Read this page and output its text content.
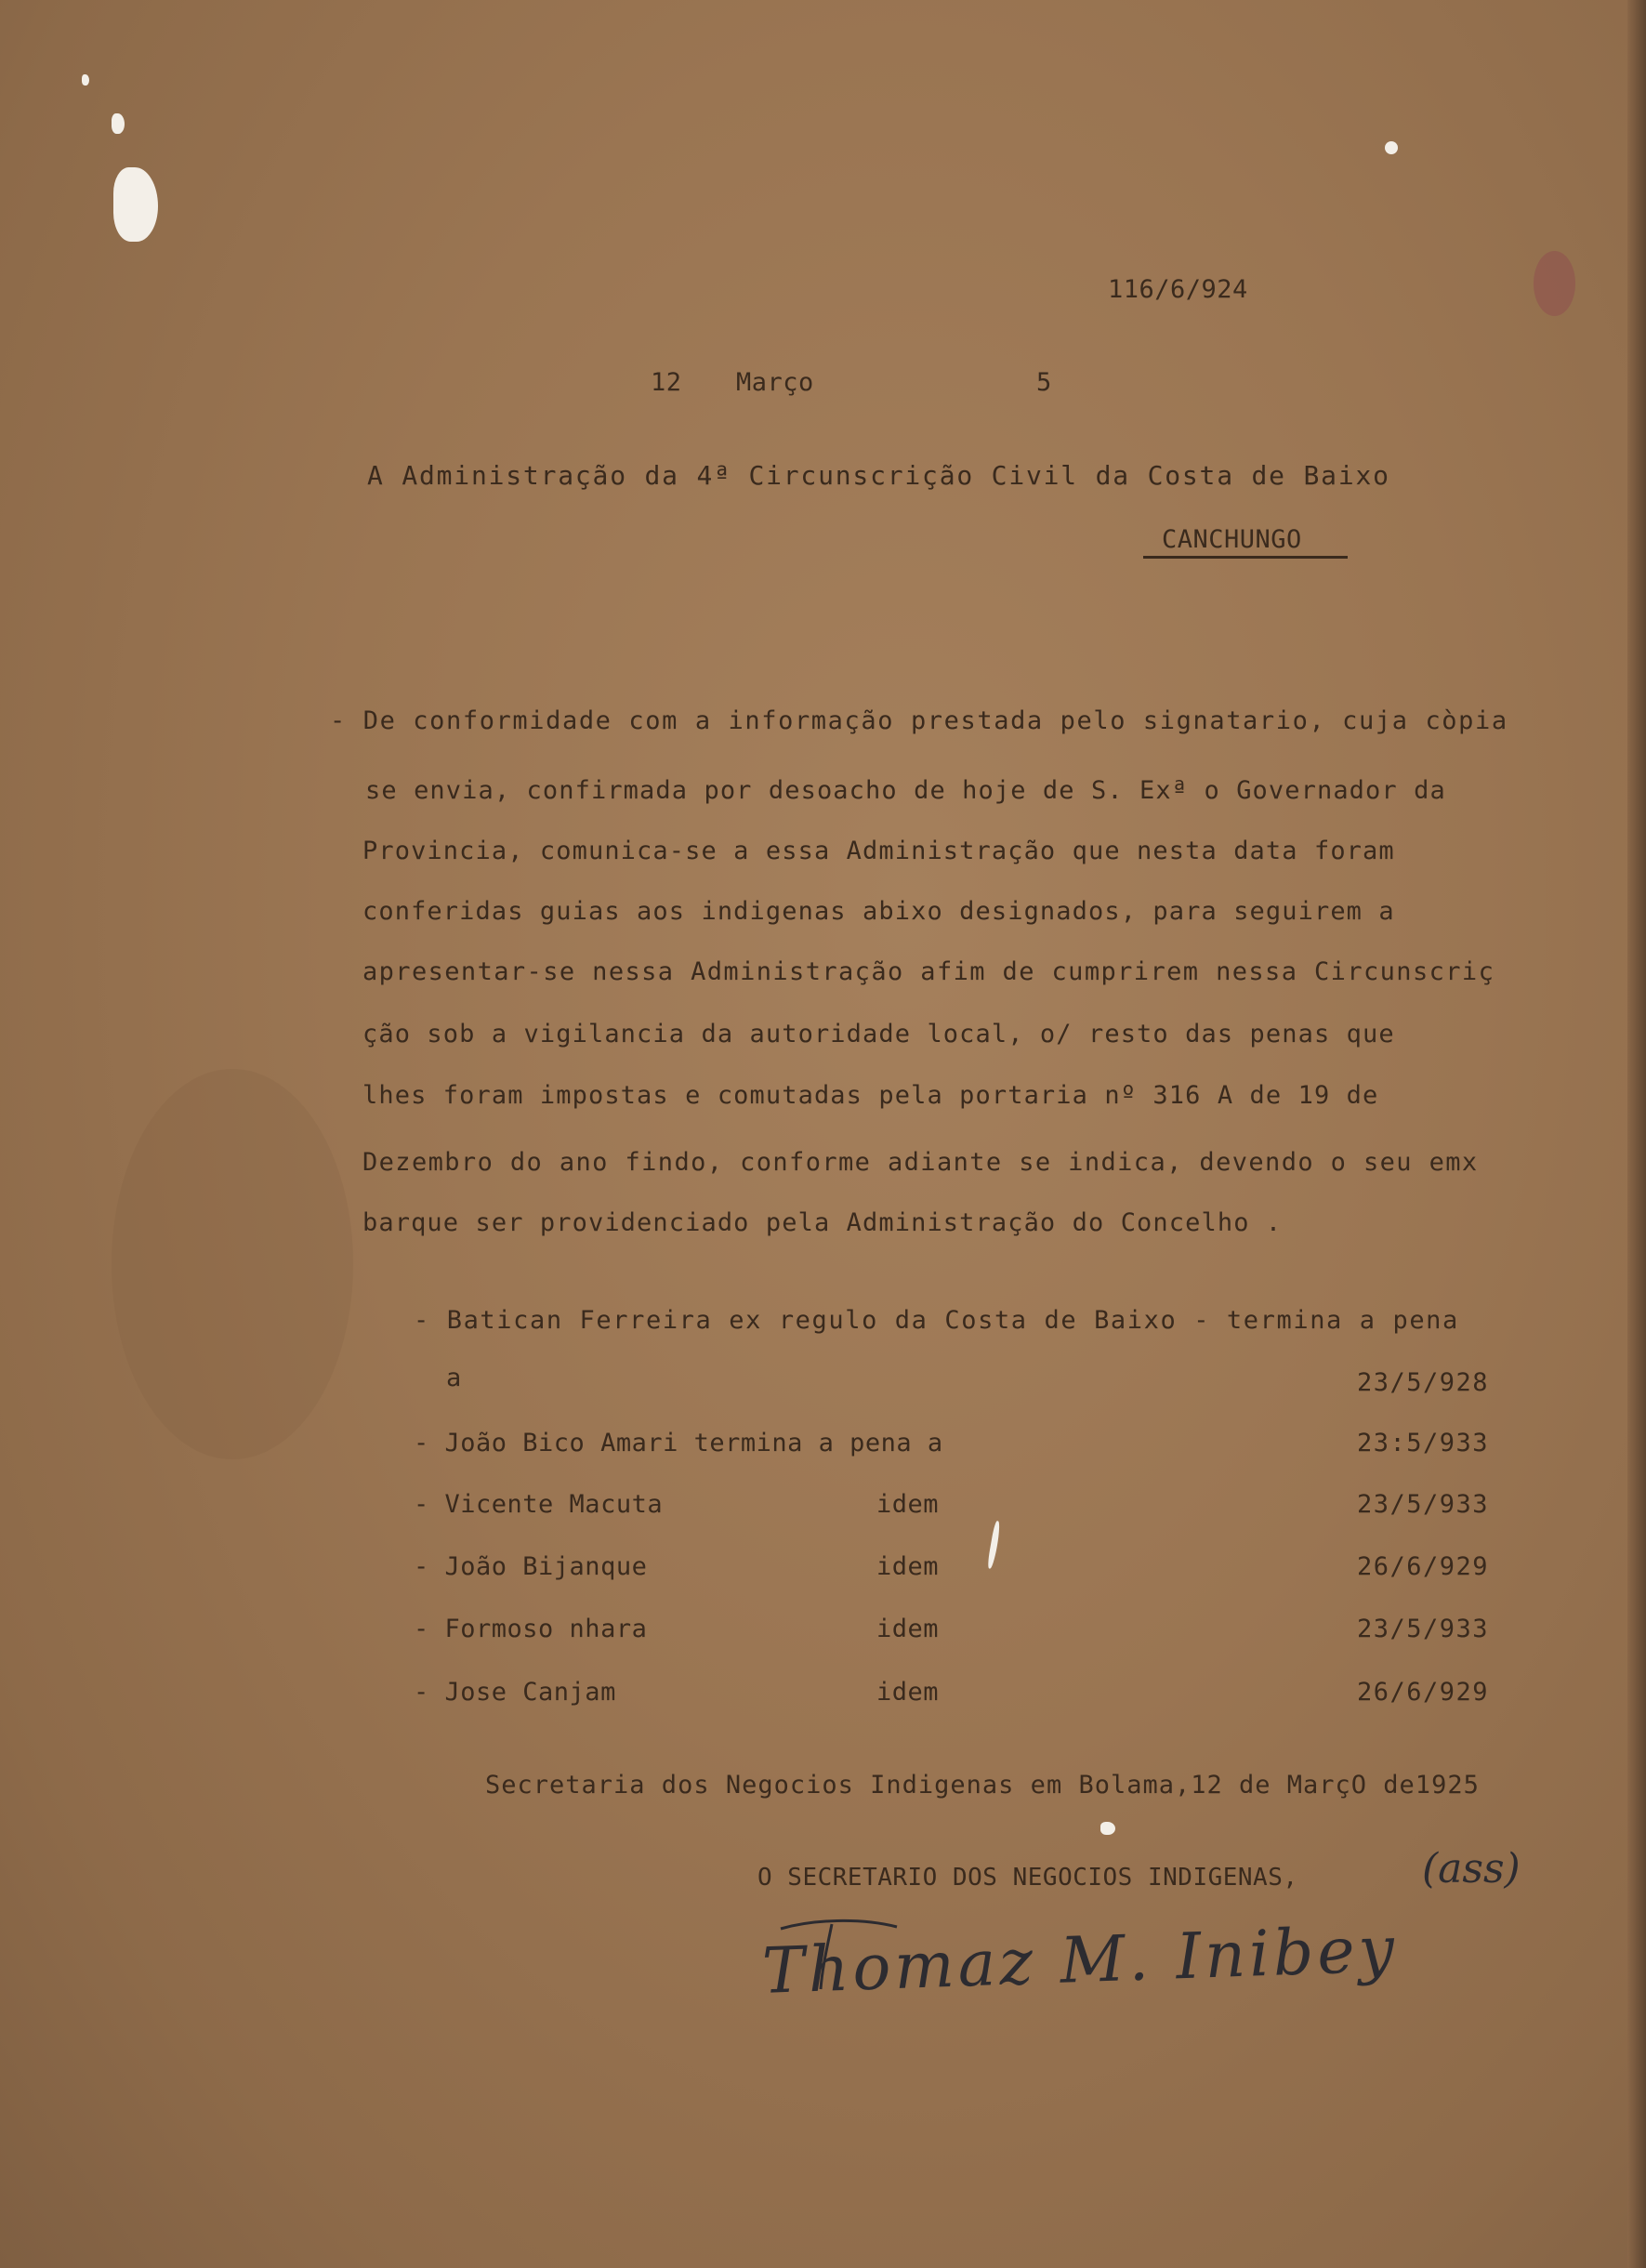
116/6/924
12 Março	5
A Administração da 4ª Circunscrição Civil da Costa de Baixo
CANCHUNGO
- De conformidade com a informação prestada pelo signatario, cuja còpia
se envia, confirmada por desoacho de hoje de S. Exª o Governador da
Provincia, comunica-se a essa Administração que nesta data foram
conferidas guias aos indigenas abixo designados, para seguirem a
apresentar-se nessa Administração afim de cumprirem nessa Circunscriç
ção sob a vigilancia da autoridade local, o/ resto das penas que
lhes foram impostas e comutadas pela portaria nº 316 A de 19 de
Dezembro do ano findo, conforme adiante se indica, devendo o seu emx
barque ser providenciado pela Administração do Concelho .
- Batican Ferreira ex regulo da Costa de Baixo - termina a pena
a	23/5/928
- João Bico Amari termina a pena a	23:5/933
- Vicente Macuta	idem	23/5/933
- João Bijanque	idem	26/6/929
- Formoso nhara	idem	23/5/933
- Jose Canjam	idem	26/6/929
Secretaria dos Negocios Indigenas em Bolama,12 de MarçO de1925
O SECRETARIO DOS NEGOCIOS INDIGENAS,	(ass)
Thomaz M. Inibey
